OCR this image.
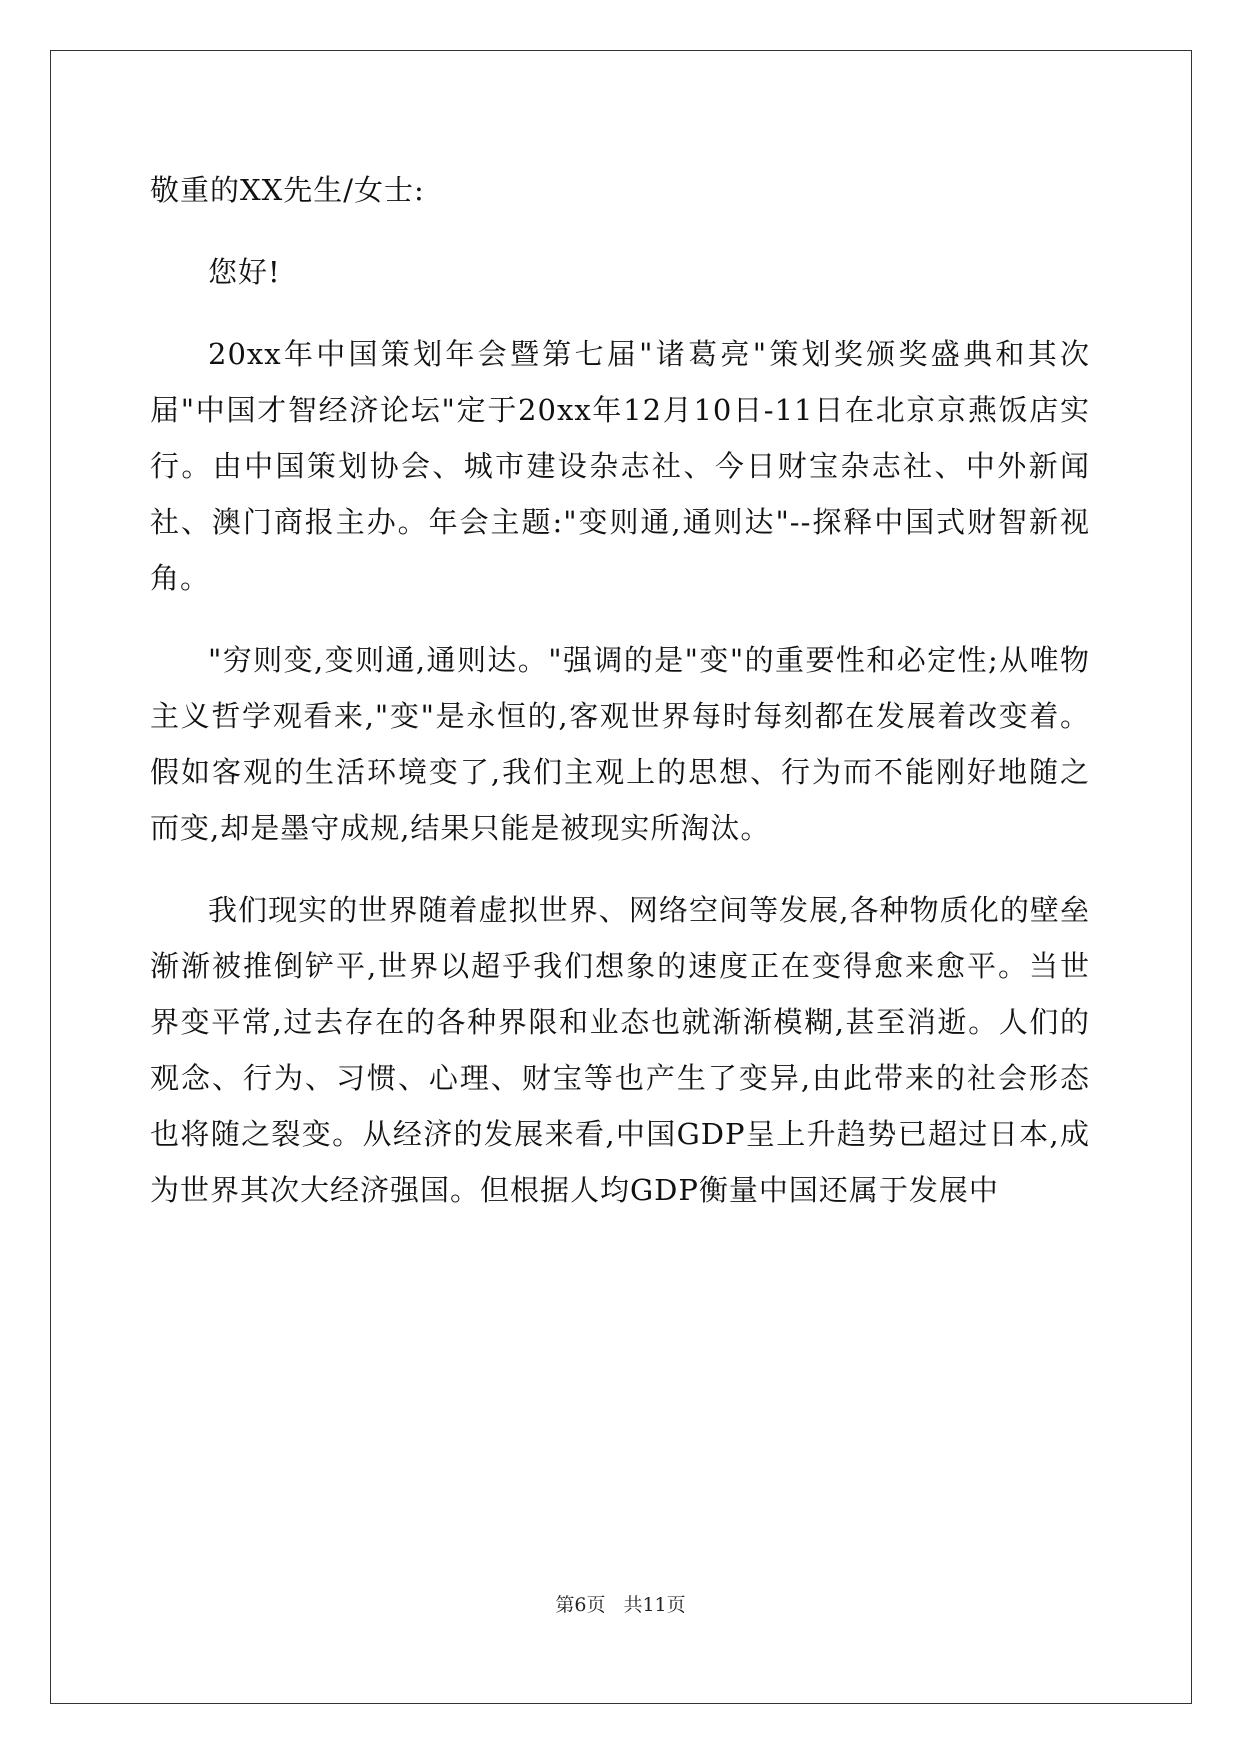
敬重的XX先生/女士:
您好!
20xx年中国策划年会暨第七届"诸葛亮"策划奖颁奖盛典和其次届"中国才智经济论坛"定于20xx年12月10日-11日在北京京燕饭店实行。由中国策划协会、城市建设杂志社、今日财宝杂志社、中外新闻社、澳门商报主办。年会主题:"变则通,通则达"--探释中国式财智新视角。
"穷则变,变则通,通则达。"强调的是"变"的重要性和必定性;从唯物主义哲学观看来,"变"是永恒的,客观世界每时每刻都在发展着改变着。假如客观的生活环境变了,我们主观上的思想、行为而不能刚好地随之而变,却是墨守成规,结果只能是被现实所淘汰。
我们现实的世界随着虚拟世界、网络空间等发展,各种物质化的壁垒渐渐被推倒铲平,世界以超乎我们想象的速度正在变得愈来愈平。当世界变平常,过去存在的各种界限和业态也就渐渐模糊,甚至消逝。人们的观念、行为、习惯、心理、财宝等也产生了变异,由此带来的社会形态也将随之裂变。从经济的发展来看,中国GDP呈上升趋势已超过日本,成为世界其次大经济强国。但根据人均GDP衡量中国还属于发展中
第6页 共11页
